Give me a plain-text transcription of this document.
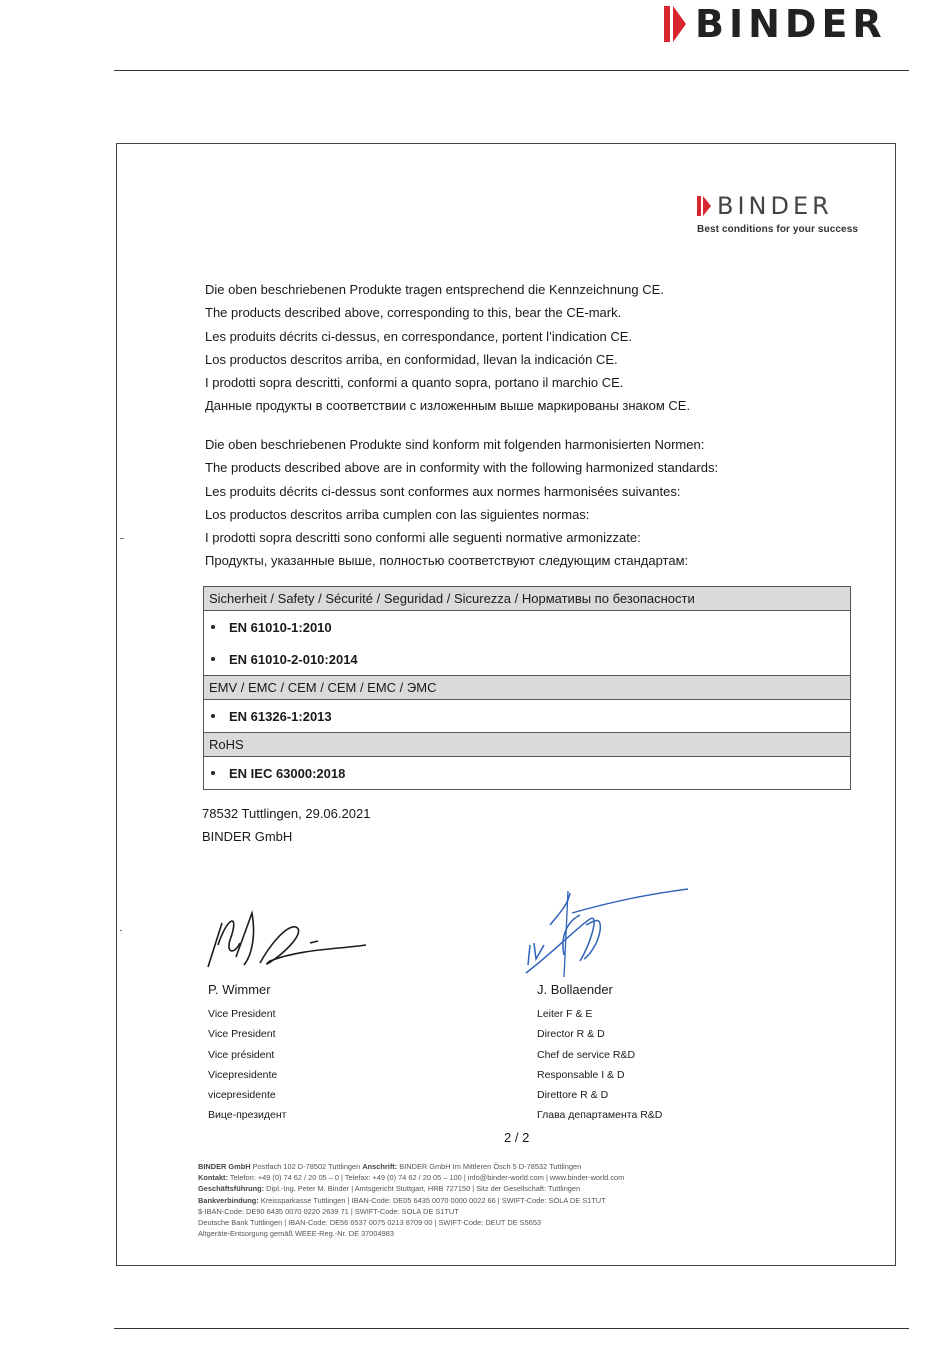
BINDER
BINDER
Best conditions for your success
Die oben beschriebenen Produkte tragen entsprechend die Kennzeichnung CE.
The products described above, corresponding to this, bear the CE-mark.
Les produits décrits ci-dessus, en correspondance, portent l’indication CE.
Los productos descritos arriba, en conformidad, llevan la indicación CE.
I prodotti sopra descritti, conformi a quanto sopra, portano il marchio CE.
Данные продукты в соответствии с изложенным выше маркированы знаком CE.
Die oben beschriebenen Produkte sind konform mit folgenden harmonisierten Normen:
The products described above are in conformity with the following harmonized standards:
Les produits décrits ci-dessus sont conformes aux normes harmonisées suivantes:
Los productos descritos arriba cumplen con las siguientes normas:
I prodotti sopra descritti sono conformi alle seguenti normative armonizzate:
Продукты, указанные выше, полностью соответствуют следующим стандартам:
Sicherheit / Safety / Sécurité / Seguridad / Sicurezza / Нормативы по безопасности

EN 61010-1:2010
EN 61010-2-010:2014

EMV / EMC / CEM / CEM / EMC / ЭМС

EN 61326-1:2013

RoHS

EN IEC 63000:2018
78532 Tuttlingen, 29.06.2021
BINDER GmbH
P. Wimmer
Vice President
Vice President
Vice président
Vicepresidente
vicepresidente
Вице-президент
J. Bollaender
Leiter F & E
Director R & D
Chef de service R&D
Responsable I & D
Direttore R & D
Глава департамента R&D
2 / 2
BINDER GmbH Postfach 102 D-78502 Tuttlingen Anschrift: BINDER GmbH Im Mittleren Ösch 5 D-78532 Tuttlingen
Kontakt: Telefon: +49 (0) 74 62 / 20 05 – 0 | Telefax: +49 (0) 74 62 / 20 05 – 100 | info@binder-world.com | www.binder-world.com
Geschäftsführung: Dipl.-Ing. Peter M. Binder | Amtsgericht Stuttgart, HRB 727150 | Sitz der Gesellschaft: Tuttlingen
Bankverbindung: Kreissparkasse Tuttlingen | IBAN-Code: DE05 6435 0070 0000 0022 66 | SWIFT-Code: SOLA DE S1TUT
$-IBAN-Code: DE90 6435 0070 0220 2639 71 | SWIFT-Code: SOLA DE S1TUT
Deutsche Bank Tuttlingen | IBAN-Code: DE56 6537 0075 0213 8709 00 | SWIFT-Code: DEUT DE S5653
Altgeräte-Entsorgung gemäß WEEE-Reg.-Nr. DE 37004983
